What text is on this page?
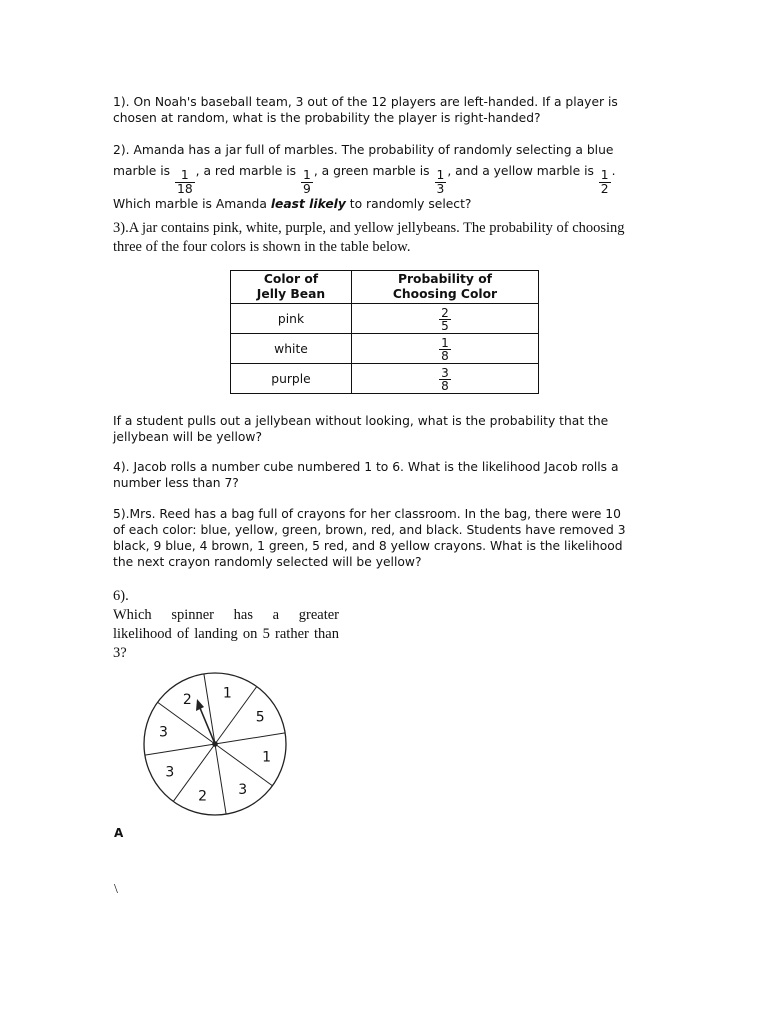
1). On Noah's baseball team, 3 out of the 12 players are left-handed. If a player is
chosen at random, what is the probability the player is right-handed?

2). Amanda has a jar full of marbles. The probability of randomly selecting a blue
marble is $\frac{1}{18}$ , a red marble is $\frac{1}{9}$ , a green marble is $\frac{1}{3}$ , and a yellow marble is $\frac{1}{2}$ .
Which marble is Amanda least likely to randomly select?

3).A jar contains pink, white, purple, and yellow jellybeans. The probability of choosing
three of the four colors is shown in the table below.

Color of
Jelly Bean	Probability of
Choosing Color
pink	$\frac{2}{5}$

white	$\frac{1}{8}$

purple	$\frac{3}{8}$

If a student pulls out a jellybean without looking, what is the probability that the
jellybean will be yellow?

4). Jacob rolls a number cube numbered 1 to 6. What is the likelihood Jacob rolls a
number less than 7?

5).Mrs. Reed has a bag full of crayons for her classroom. In the bag, there were 10
of each color: blue, yellow, green, brown, red, and black. Students have removed 3
black, 9 blue, 4 brown, 1 green, 5 red, and 8 yellow crayons. What is the likelihood
the next crayon randomly selected will be yellow?

6).
Which spinner has a greater
likelihood of landing on 5 rather than
3?
1
5
1
3
2
3
3
2
A
\
